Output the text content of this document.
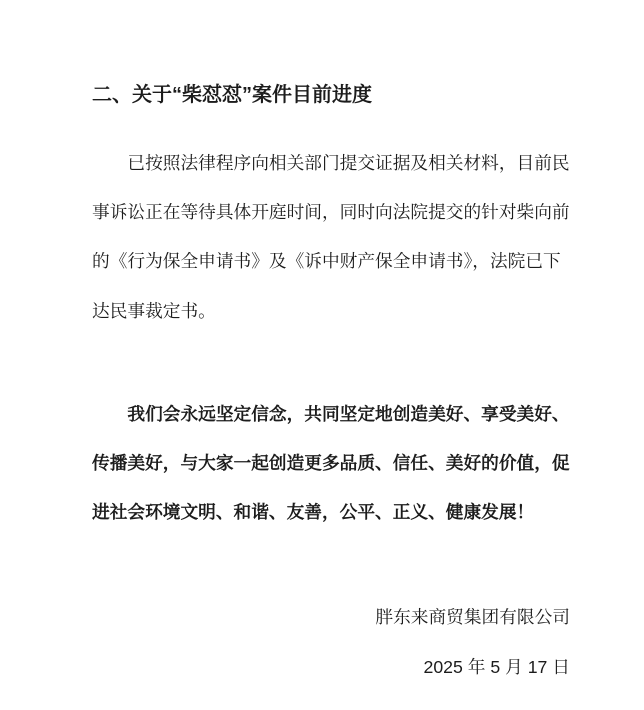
二、关于“柴怼怼”案件目前进度
已按照法律程序向相关部门提交证据及相关材料，目前民
事诉讼正在等待具体开庭时间，同时向法院提交的针对柴向前
的《行为保全申请书》及《诉中财产保全申请书》，法院已下
达民事裁定书。
我们会永远坚定信念，共同坚定地创造美好、享受美好、
传播美好，与大家一起创造更多品质、信任、美好的价值，促
进社会环境文明、和谐、友善，公平、正义、健康发展！
胖东来商贸集团有限公司
2025 年 5 月 17 日
